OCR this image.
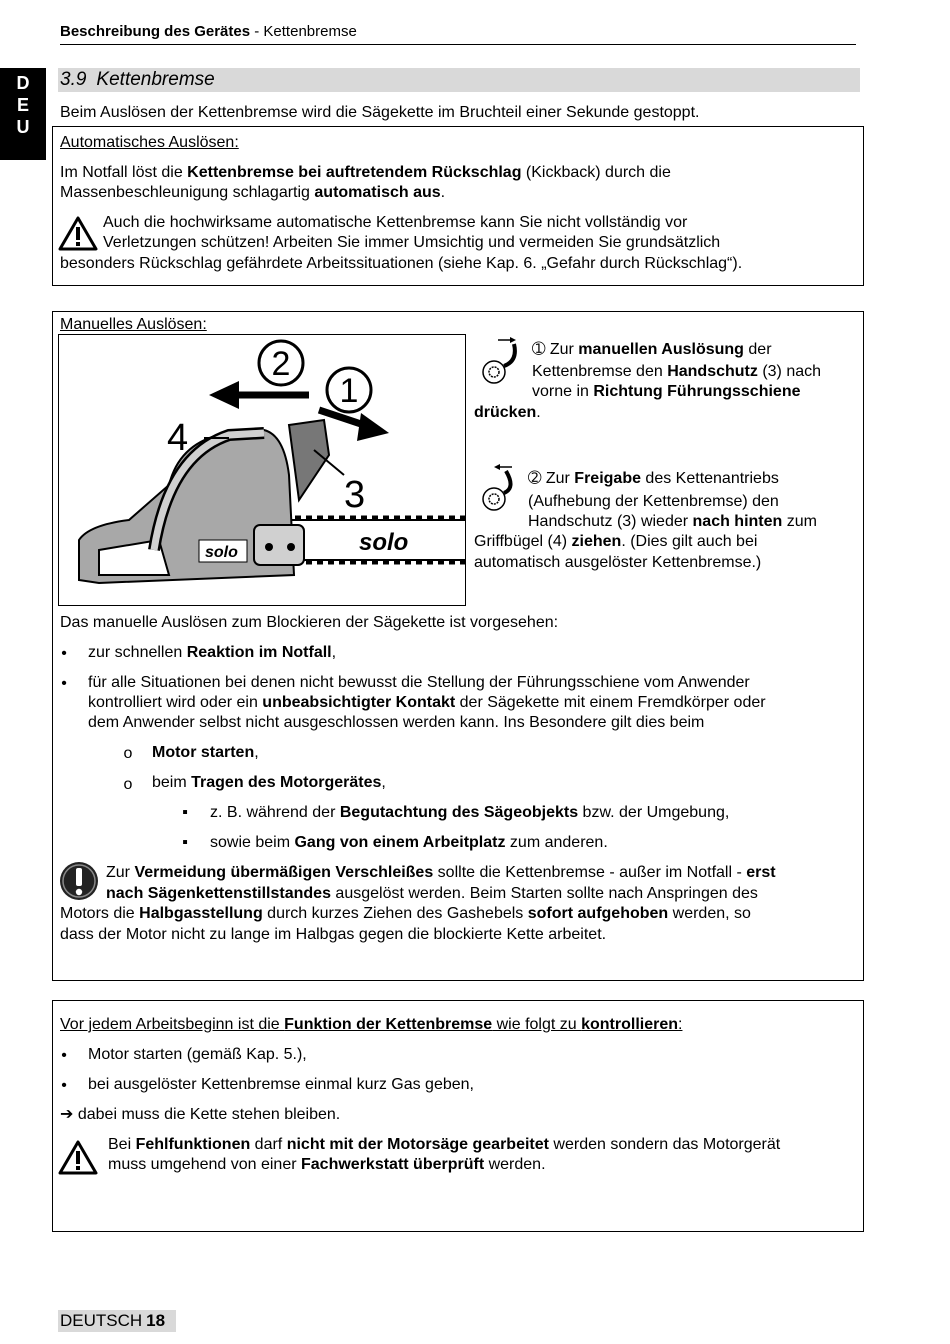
Beschreibung des Gerätes - Kettenbremse
D
E
U
3.9 Kettenbremse

Beim Auslösen der Kettenbremse wird die Sägekette im Bruchteil einer Sekunde gestoppt.

Automatisches Auslösen:

Im Notfall löst die Kettenbremse bei auftretendem Rückschlag (Kickback) durch die

Massenbeschleunigung schlagartig automatisch aus.

Auch die hochwirksame automatische Kettenbremse kann Sie nicht vollständig vor

Verletzungen schützen! Arbeiten Sie immer Umsichtig und vermeiden Sie grundsätzlich

besonders Rückschlag gefährdete Arbeitssituationen (siehe Kap. 6. „Gefahr durch Rückschlag“).

Manuelles Auslösen:

2
1
4
3
solo	solo

➀ Zur manuellen Auslösung der

Kettenbremse den Handschutz (3) nach

vorne in Richtung Führungsschiene

drücken.

➁ Zur Freigabe des Kettenantriebs

(Aufhebung der Kettenbremse) den

Handschutz (3) wieder nach hinten zum

Griffbügel (4) ziehen. (Dies gilt auch bei

automatisch ausgelöster Kettenbremse.)

Das manuelle Auslösen zum Blockieren der Sägekette ist vorgesehen:

•	zur schnellen Reaktion im Notfall,

•	für alle Situationen bei denen nicht bewusst die Stellung der Führungsschiene vom Anwender

kontrolliert wird oder ein unbeabsichtigter Kontakt der Sägekette mit einem Fremdkörper oder

dem Anwender selbst nicht ausgeschlossen werden kann. Ins Besondere gilt dies beim

o	Motor starten,

o	beim Tragen des Motorgerätes,

▪	z. B. während der Begutachtung des Sägeobjekts bzw. der Umgebung,

▪	sowie beim Gang von einem Arbeitplatz zum anderen.

Zur Vermeidung übermäßigen Verschleißes sollte die Kettenbremse - außer im Notfall - erst

nach Sägenkettenstillstandes ausgelöst werden. Beim Starten sollte nach Anspringen des

Motors die Halbgasstellung durch kurzes Ziehen des Gashebels sofort aufgehoben werden, so

dass der Motor nicht zu lange im Halbgas gegen die blockierte Kette arbeitet.

Vor jedem Arbeitsbeginn ist die Funktion der Kettenbremse wie folgt zu kontrollieren:

•	Motor starten (gemäß Kap. 5.),

•	bei ausgelöster Kettenbremse einmal kurz Gas geben,

➔ dabei muss die Kette stehen bleiben.

Bei Fehlfunktionen darf nicht mit der Motorsäge gearbeitet werden sondern das Motorgerät

muss umgehend von einer Fachwerkstatt überprüft werden.

DEUTSCH 18
